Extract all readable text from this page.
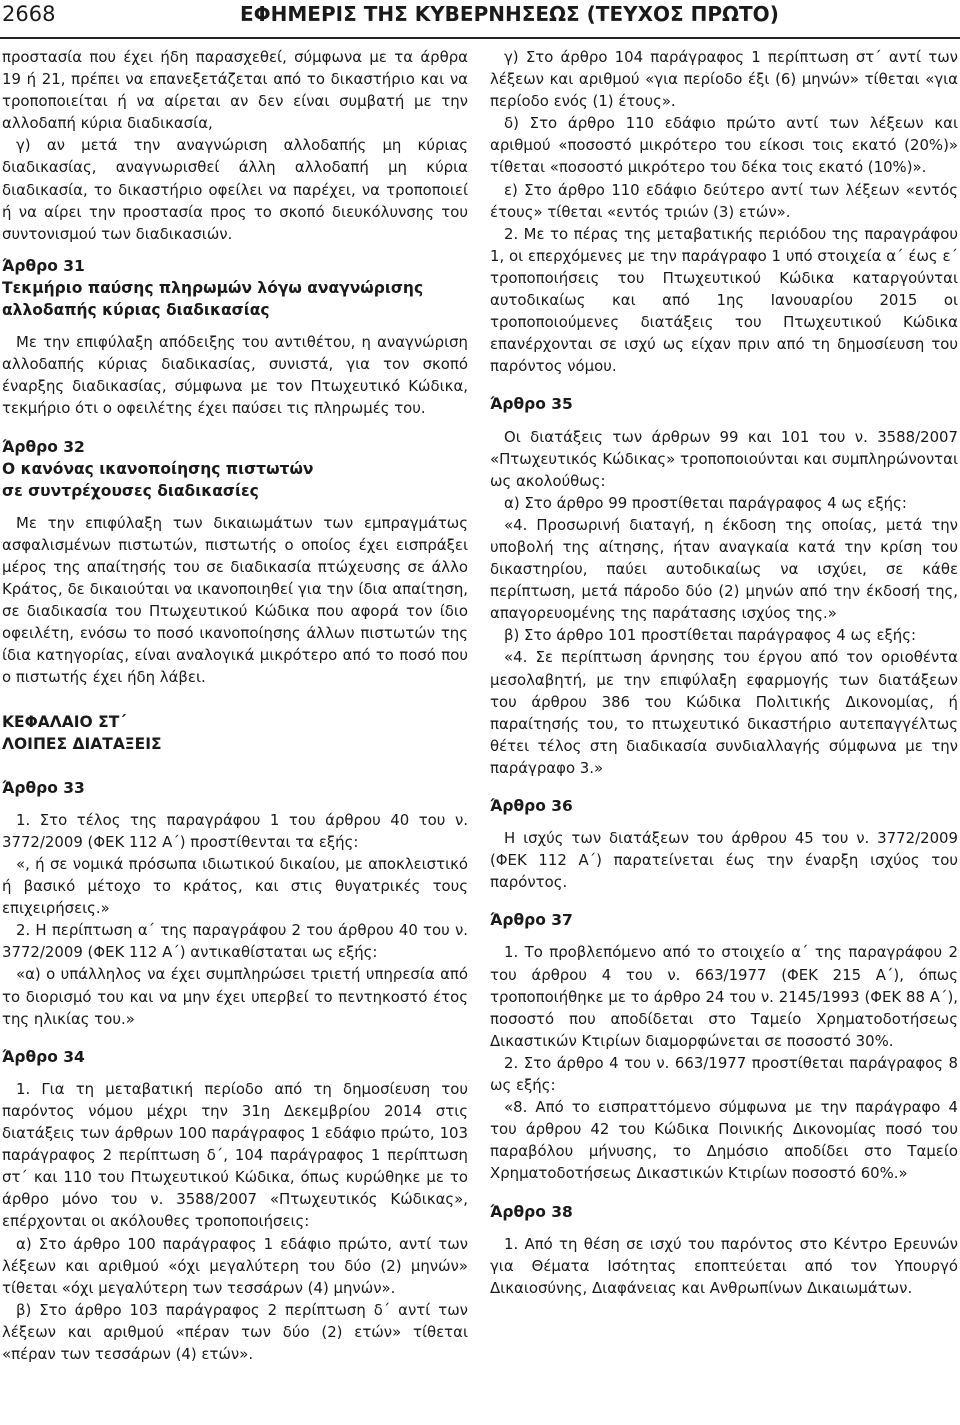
2668	ΕΦΗΜΕΡΙΣ ΤΗΣ ΚΥΒΕΡΝΗΣΕΩΣ (ΤΕΥΧΟΣ ΠΡΩΤΟ)

προστασία που έχει ήδη παρασχεθεί, σύμφωνα με τα άρθρα 19 ή 21, πρέπει να επανεξετάζεται από το δικαστήριο και να τροποποιείται ή να αίρεται αν δεν είναι συμβατή με την αλλοδαπή κύρια διαδικασία,

γ) αν μετά την αναγνώριση αλλοδαπής μη κύριας διαδικασίας, αναγνωρισθεί άλλη αλλοδαπή μη κύρια διαδικασία, το δικαστήριο οφείλει να παρέχει, να τροποποιεί ή να αίρει την προστασία προς το σκοπό διευκόλυνσης του συντονισμού των διαδικασιών.

Άρθρο 31

Τεκμήριο παύσης πληρωμών λόγω αναγνώρισης

αλλοδαπής κύριας διαδικασίας

Με την επιφύλαξη απόδειξης του αντιθέτου, η αναγνώριση αλλοδαπής κύριας διαδικασίας, συνιστά, για τον σκοπό έναρξης διαδικασίας, σύμφωνα με τον Πτωχευτικό Κώδικα, τεκμήριο ότι ο οφειλέτης έχει παύσει τις πληρωμές του.

Άρθρο 32

Ο κανόνας ικανοποίησης πιστωτών

σε συντρέχουσες διαδικασίες

Με την επιφύλαξη των δικαιωμάτων των εμπραγμάτως ασφαλισμένων πιστωτών, πιστωτής ο οποίος έχει εισπράξει μέρος της απαίτησής του σε διαδικασία πτώχευσης σε άλλο Κράτος, δε δικαιούται να ικανοποιηθεί για την ίδια απαίτηση, σε διαδικασία του Πτωχευτικού Κώδικα που αφορά τον ίδιο οφειλέτη, ενόσω το ποσό ικανοποίησης άλλων πιστωτών της ίδια κατηγορίας, είναι αναλογικά μικρότερο από το ποσό που ο πιστωτής έχει ήδη λάβει.

ΚΕΦΑΛΑΙΟ ΣΤ΄

ΛΟΙΠΕΣ ΔΙΑΤΑΞΕΙΣ

Άρθρο 33

1. Στο τέλος της παραγράφου 1 του άρθρου 40 του ν. 3772/2009 (ΦΕΚ 112 Α΄) προστίθενται τα εξής:

«, ή σε νομικά πρόσωπα ιδιωτικού δικαίου, με αποκλειστικό ή βασικό μέτοχο το κράτος, και στις θυγατρικές τους επιχειρήσεις.»

2. Η περίπτωση α΄ της παραγράφου 2 του άρθρου 40 του ν. 3772/2009 (ΦΕΚ 112 Α΄) αντικαθίσταται ως εξής:

«α) ο υπάλληλος να έχει συμπληρώσει τριετή υπηρεσία από το διορισμό του και να μην έχει υπερβεί το πεντηκοστό έτος της ηλικίας του.»

Άρθρο 34

1. Για τη μεταβατική περίοδο από τη δημοσίευση του παρόντος νόμου μέχρι την 31η Δεκεμβρίου 2014 στις διατάξεις των άρθρων 100 παράγραφος 1 εδάφιο πρώτο, 103 παράγραφος 2 περίπτωση δ΄, 104 παράγραφος 1 περίπτωση στ΄ και 110 του Πτωχευτικού Κώδικα, όπως κυρώθηκε με το άρθρο μόνο του ν. 3588/2007 «Πτωχευτικός Κώδικας», επέρχονται οι ακόλουθες τροποποιήσεις:

α) Στο άρθρο 100 παράγραφος 1 εδάφιο πρώτο, αντί των λέξεων και αριθμού «όχι μεγαλύτερη του δύο (2) μηνών» τίθεται «όχι μεγαλύτερη των τεσσάρων (4) μηνών».

β) Στο άρθρο 103 παράγραφος 2 περίπτωση δ΄ αντί των λέξεων και αριθμού «πέραν των δύο (2) ετών» τίθεται «πέραν των τεσσάρων (4) ετών».

γ) Στο άρθρο 104 παράγραφος 1 περίπτωση στ΄ αντί των λέξεων και αριθμού «για περίοδο έξι (6) μηνών» τίθεται «για περίοδο ενός (1) έτους».

δ) Στο άρθρο 110 εδάφιο πρώτο αντί των λέξεων και αριθμού «ποσοστό μικρότερο του είκοσι τοις εκατό (20%)» τίθεται «ποσοστό μικρότερο του δέκα τοις εκατό (10%)».

ε) Στο άρθρο 110 εδάφιο δεύτερο αντί των λέξεων «εντός έτους» τίθεται «εντός τριών (3) ετών».

2. Με το πέρας της μεταβατικής περιόδου της παραγράφου 1, οι επερχόμενες με την παράγραφο 1 υπό στοιχεία α΄ έως ε΄ τροποποιήσεις του Πτωχευτικού Κώδικα καταργούνται αυτοδικαίως και από 1ης Ιανουαρίου 2015 οι τροποποιούμενες διατάξεις του Πτωχευτικού Κώδικα επανέρχονται σε ισχύ ως είχαν πριν από τη δημοσίευση του παρόντος νόμου.

Άρθρο 35

Οι διατάξεις των άρθρων 99 και 101 του ν. 3588/2007 «Πτωχευτικός Κώδικας» τροποποιούνται και συμπληρώνονται ως ακολούθως:

α) Στο άρθρο 99 προστίθεται παράγραφος 4 ως εξής:

«4. Προσωρινή διαταγή, η έκδοση της οποίας, μετά την υποβολή της αίτησης, ήταν αναγκαία κατά την κρίση του δικαστηρίου, παύει αυτοδικαίως να ισχύει, σε κάθε περίπτωση, μετά πάροδο δύο (2) μηνών από την έκδοσή της, απαγορευομένης της παράτασης ισχύος της.»

β) Στο άρθρο 101 προστίθεται παράγραφος 4 ως εξής:

«4. Σε περίπτωση άρνησης του έργου από τον οριοθέντα μεσολαβητή, με την επιφύλαξη εφαρμογής των διατάξεων του άρθρου 386 του Κώδικα Πολιτικής Δικονομίας, ή παραίτησής του, το πτωχευτικό δικαστήριο αυτεπαγγέλτως θέτει τέλος στη διαδικασία συνδιαλλαγής σύμφωνα με την παράγραφο 3.»

Άρθρο 36

Η ισχύς των διατάξεων του άρθρου 45 του ν. 3772/2009 (ΦΕΚ 112 Α΄) παρατείνεται έως την έναρξη ισχύος του παρόντος.

Άρθρο 37

1. Το προβλεπόμενο από το στοιχείο α΄ της παραγράφου 2 του άρθρου 4 του ν. 663/1977 (ΦΕΚ 215 Α΄), όπως τροποποιήθηκε με το άρθρο 24 του ν. 2145/1993 (ΦΕΚ 88 Α΄), ποσοστό που αποδίδεται στο Ταμείο Χρηματοδοτήσεως Δικαστικών Κτιρίων διαμορφώνεται σε ποσοστό 30%.

2. Στο άρθρο 4 του ν. 663/1977 προστίθεται παράγραφος 8 ως εξής:

«8. Από το εισπραττόμενο σύμφωνα με την παράγραφο 4 του άρθρου 42 του Κώδικα Ποινικής Δικονομίας ποσό του παραβόλου μήνυσης, το Δημόσιο αποδίδει στο Ταμείο Χρηματοδοτήσεως Δικαστικών Κτιρίων ποσοστό 60%.»

Άρθρο 38

1. Από τη θέση σε ισχύ του παρόντος στο Κέντρο Ερευνών για Θέματα Ισότητας εποπτεύεται από τον Υπουργό Δικαιοσύνης, Διαφάνειας και Ανθρωπίνων Δικαιωμάτων.
